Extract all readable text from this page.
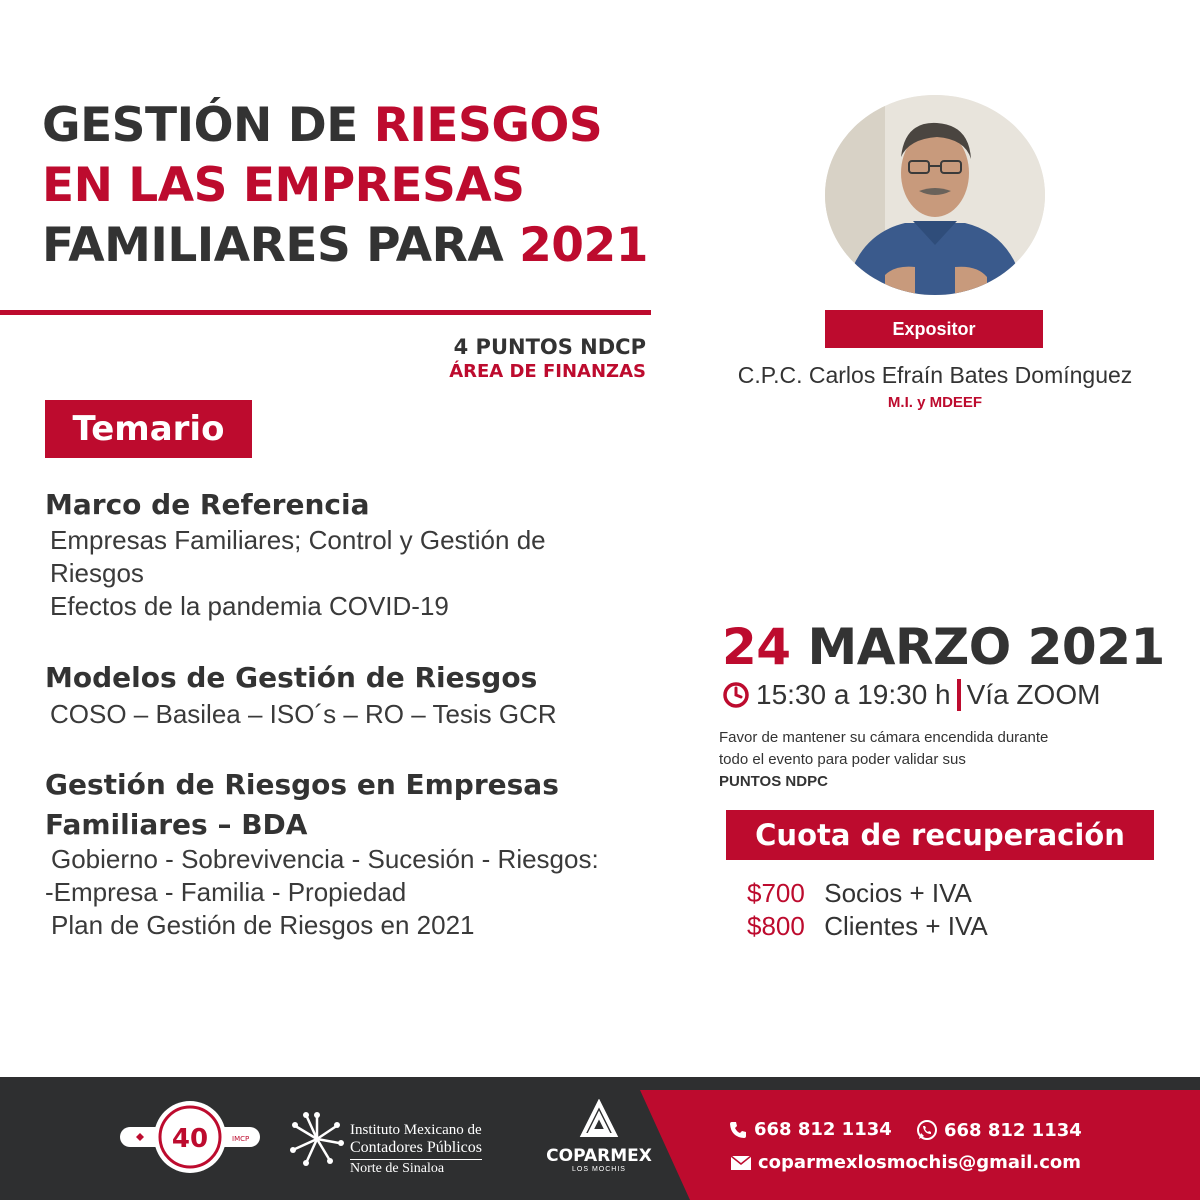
GESTIÓN DE RIESGOS
EN LAS EMPRESAS
FAMILIARES PARA 2021
4 PUNTOS NDCP
ÁREA DE FINANZAS
Temario
Marco de Referencia
Empresas Familiares; Control y Gestión de
Riesgos
Efectos de la pandemia COVID-19
Modelos de Gestión de Riesgos
COSO – Basilea – ISO´s – RO – Tesis GCR
Gestión de Riesgos en Empresas
Familiares – BDA
Gobierno - Sobrevivencia - Sucesión - Riesgos:
-Empresa - Familia - Propiedad
Plan de Gestión de Riesgos en 2021
Expositor
C.P.C. Carlos Efraín Bates Domínguez
M.I. y MDEEF
24 MARZO 2021
15:30 a 19:30 h Vía ZOOM
Favor de mantener su cámara encendida durante
todo el evento para poder validar sus
PUNTOS NDPC
Cuota de recuperación
$700 Socios + IVA
$800 Clientes + IVA
40	IMCP
Instituto Mexicano de
Contadores Públicos
Norte de Sinaloa
COPARMEX
LOS MOCHIS
668 812 1134	668 812 1134
coparmexlosmochis@gmail.com
